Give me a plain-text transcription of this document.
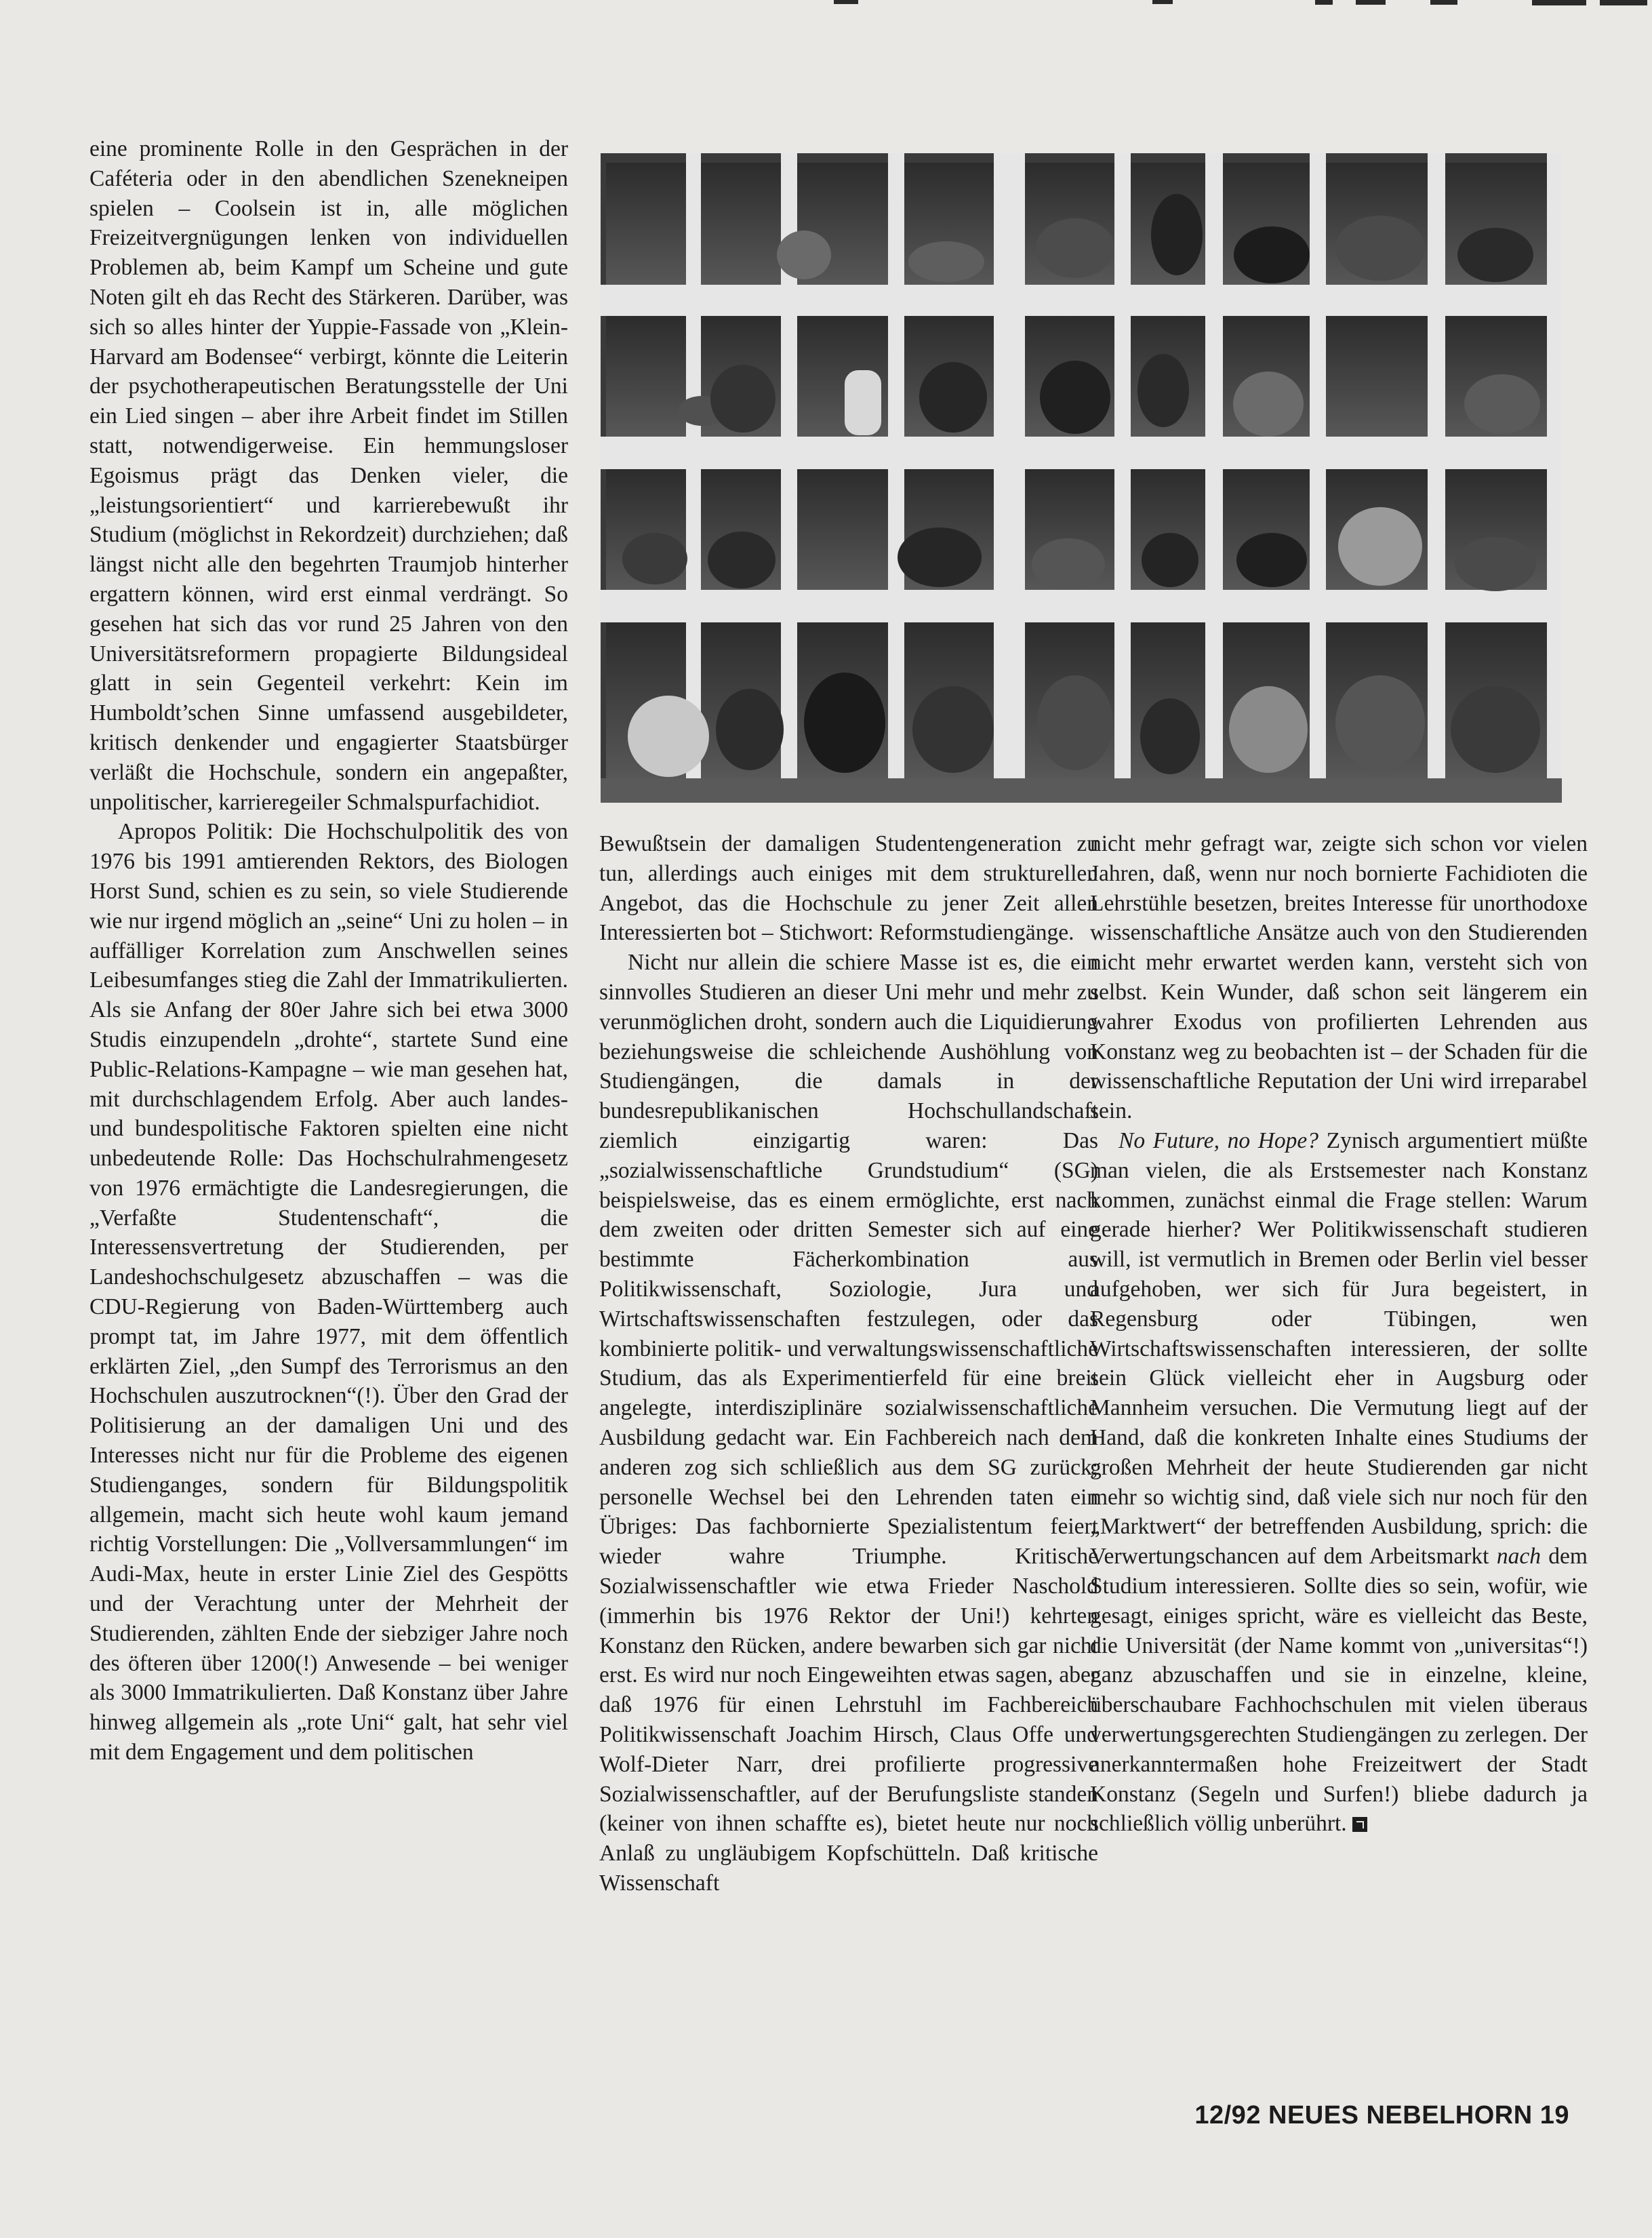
eine prominente Rolle in den Gesprächen in der Caféteria oder in den abendlichen Szenekneipen spielen – Coolsein ist in, alle möglichen Freizeitvergnügungen lenken von individuellen Problemen ab, beim Kampf um Scheine und gute Noten gilt eh das Recht des Stärkeren. Darüber, was sich so alles hinter der Yuppie-Fassade von „Klein-Harvard am Bodensee“ verbirgt, könnte die Leiterin der psychotherapeutischen Beratungsstelle der Uni ein Lied singen – aber ihre Arbeit findet im Stillen statt, notwendigerweise. Ein hemmungsloser Egoismus prägt das Denken vieler, die „leistungsorientiert“ und karrierebewußt ihr Studium (möglichst in Rekordzeit) durchziehen; daß längst nicht alle den begehrten Traumjob hinterher ergattern können, wird erst einmal verdrängt. So gesehen hat sich das vor rund 25 Jahren von den Universitätsreformern propagierte Bildungsideal glatt in sein Gegenteil verkehrt: Kein im Humboldt’schen Sinne umfassend ausgebildeter, kritisch denkender und engagierter Staatsbürger verläßt die Hochschule, sondern ein angepaßter, unpolitischer, karrieregeiler Schmalspurfachidiot.

Apropos Politik: Die Hochschulpolitik des von 1976 bis 1991 amtierenden Rektors, des Biologen Horst Sund, schien es zu sein, so viele Studierende wie nur irgend möglich an „seine“ Uni zu holen – in auffälliger Korrelation zum Anschwellen seines Leibesumfanges stieg die Zahl der Immatrikulierten. Als sie Anfang der 80er Jahre sich bei etwa 3000 Studis einzupendeln „drohte“, startete Sund eine Public-Relations-Kampagne – wie man gesehen hat, mit durchschlagendem Erfolg. Aber auch landes- und bundespolitische Faktoren spielten eine nicht unbedeutende Rolle: Das Hochschulrahmengesetz von 1976 ermächtigte die Landesregierungen, die „Verfaßte Studentenschaft“, die Interessensvertretung der Studierenden, per Landeshochschulgesetz abzuschaffen – was die CDU-Regierung von Baden-Württemberg auch prompt tat, im Jahre 1977, mit dem öffentlich erklärten Ziel, „den Sumpf des Terrorismus an den Hochschulen auszutrocknen“(!). Über den Grad der Politisierung an der damaligen Uni und des Interesses nicht nur für die Probleme des eigenen Studienganges, sondern für Bildungspolitik allgemein, macht sich heute wohl kaum jemand richtig Vorstellungen: Die „Vollversammlungen“ im Audi-Max, heute in erster Linie Ziel des Gespötts und der Verachtung unter der Mehrheit der Studierenden, zählten Ende der siebziger Jahre noch des öfteren über 1200(!) Anwesende – bei weniger als 3000 Immatrikulierten. Daß Konstanz über Jahre hinweg allgemein als „rote Uni“ galt, hat sehr viel mit dem Engagement und dem politischen

Bewußtsein der damaligen Studentengeneration zu tun, allerdings auch einiges mit dem strukturellen Angebot, das die Hochschule zu jener Zeit allen Interessierten bot – Stichwort: Reformstudiengänge.

Nicht nur allein die schiere Masse ist es, die ein sinnvolles Studieren an dieser Uni mehr und mehr zu verunmöglichen droht, sondern auch die Liquidierung beziehungsweise die schleichende Aushöhlung von Studiengängen, die damals in der bundesrepublikanischen Hochschullandschaft ziemlich einzigartig waren: Das „sozialwissenschaftliche Grundstudium“ (SG) beispielsweise, das es einem ermöglichte, erst nach dem zweiten oder dritten Semester sich auf eine bestimmte Fächerkombination aus Politikwissenschaft, Soziologie, Jura und Wirtschaftswissenschaften festzulegen, oder das kombinierte politik- und verwaltungswissenschaftliche Studium, das als Experimentierfeld für eine breit angelegte, interdisziplinäre sozialwissenschaftliche Ausbildung gedacht war. Ein Fachbereich nach dem anderen zog sich schließlich aus dem SG zurück; personelle Wechsel bei den Lehrenden taten ein Übriges: Das fachbornierte Spezialistentum feiert wieder wahre Triumphe. Kritische Sozialwissenschaftler wie etwa Frieder Naschold (immerhin bis 1976 Rektor der Uni!) kehrten Konstanz den Rücken, andere bewarben sich gar nicht erst. Es wird nur noch Eingeweihten etwas sagen, aber daß 1976 für einen Lehrstuhl im Fachbereich Politikwissenschaft Joachim Hirsch, Claus Offe und Wolf-Dieter Narr, drei profilierte progressive Sozialwissenschaftler, auf der Berufungsliste standen (keiner von ihnen schaffte es), bietet heute nur noch Anlaß zu ungläubigem Kopfschütteln. Daß kritische Wissenschaft

nicht mehr gefragt war, zeigte sich schon vor vielen Jahren, daß, wenn nur noch bornierte Fachidioten die Lehrstühle besetzen, breites Interesse für unorthodoxe wissenschaftliche Ansätze auch von den Studierenden nicht mehr erwartet werden kann, versteht sich von selbst. Kein Wunder, daß schon seit längerem ein wahrer Exodus von profilierten Lehrenden aus Konstanz weg zu beobachten ist – der Schaden für die wissenschaftliche Reputation der Uni wird irreparabel sein.

No Future, no Hope? Zynisch argumentiert müßte man vielen, die als Erstsemester nach Konstanz kommen, zunächst einmal die Frage stellen: Warum gerade hierher? Wer Politikwissenschaft studieren will, ist vermutlich in Bremen oder Berlin viel besser aufgehoben, wer sich für Jura begeistert, in Regensburg oder Tübingen, wen Wirtschaftswissenschaften interessieren, der sollte sein Glück vielleicht eher in Augsburg oder Mannheim versuchen. Die Vermutung liegt auf der Hand, daß die konkreten Inhalte eines Studiums der großen Mehrheit der heute Studierenden gar nicht mehr so wichtig sind, daß viele sich nur noch für den „Marktwert“ der betreffenden Ausbildung, sprich: die Verwertungschancen auf dem Arbeitsmarkt nach dem Studium interessieren. Sollte dies so sein, wofür, wie gesagt, einiges spricht, wäre es vielleicht das Beste, die Universität (der Name kommt von „universitas“!) ganz abzuschaffen und sie in einzelne, kleine, überschaubare Fachhochschulen mit vielen überaus verwertungsgerechten Studiengängen zu zerlegen. Der anerkanntermaßen hohe Freizeitwert der Stadt Konstanz (Segeln und Surfen!) bliebe dadurch ja schließlich völlig unberührt.

12/92 NEUES NEBELHORN 19
